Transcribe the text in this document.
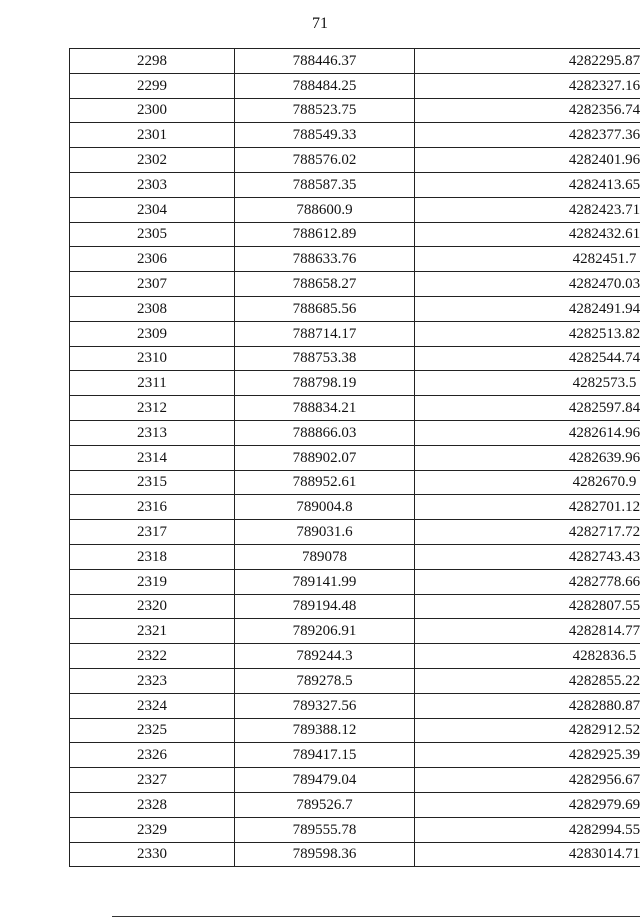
71
2298	788446.37	4282295.87
2299	788484.25	4282327.16
2300	788523.75	4282356.74
2301	788549.33	4282377.36
2302	788576.02	4282401.96
2303	788587.35	4282413.65
2304	788600.9	4282423.71
2305	788612.89	4282432.61
2306	788633.76	4282451.7
2307	788658.27	4282470.03
2308	788685.56	4282491.94
2309	788714.17	4282513.82
2310	788753.38	4282544.74
2311	788798.19	4282573.5
2312	788834.21	4282597.84
2313	788866.03	4282614.96
2314	788902.07	4282639.96
2315	788952.61	4282670.9
2316	789004.8	4282701.12
2317	789031.6	4282717.72
2318	789078	4282743.43
2319	789141.99	4282778.66
2320	789194.48	4282807.55
2321	789206.91	4282814.77
2322	789244.3	4282836.5
2323	789278.5	4282855.22
2324	789327.56	4282880.87
2325	789388.12	4282912.52
2326	789417.15	4282925.39
2327	789479.04	4282956.67
2328	789526.7	4282979.69
2329	789555.78	4282994.55
2330	789598.36	4283014.71
